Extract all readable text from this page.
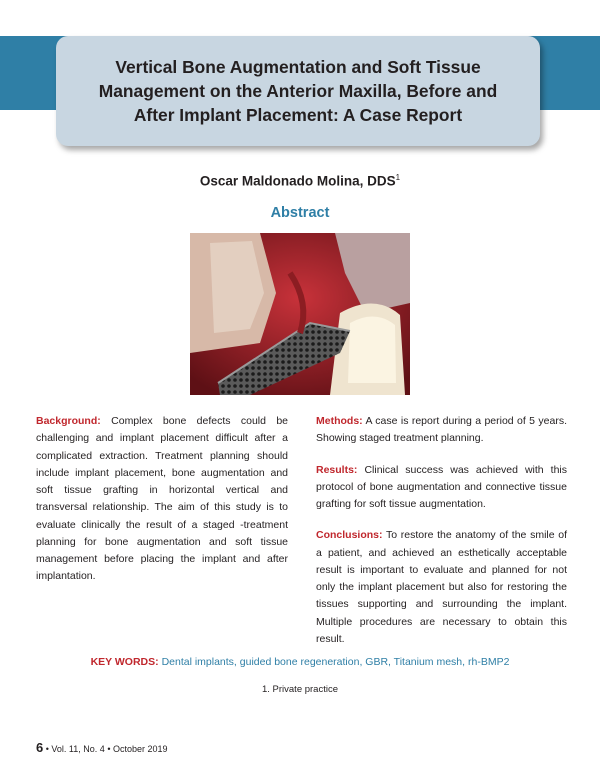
Vertical Bone Augmentation and Soft Tissue Management on the Anterior Maxilla, Before and After Implant Placement: A Case Report
Oscar Maldonado Molina, DDS$^1$
Abstract

Background: Complex bone defects could be challenging and implant placement difficult after a complicated extraction. Treatment planning should include implant placement, bone augmentation and soft tissue grafting in horizontal vertical and transversal relationship. The aim of this study is to evaluate clinically the result of a staged -treatment planning for bone augmentation and soft tissue management before placing the implant and after implantation.

Methods: A case is report during a period of 5 years. Showing staged treatment planning.

Results: Clinical success was achieved with this protocol of bone augmentation and connective tissue grafting for soft tissue augmentation.

Conclusions: To restore the anatomy of the smile of a patient, and achieved an esthetically acceptable result is important to evaluate and planned for not only the implant placement but also for restoring the tissues supporting and surrounding the implant. Multiple procedures are necessary to obtain this result.

KEY WORDS: Dental implants, guided bone regeneration, GBR, Titanium mesh, rh-BMP2
1. Private practice
6 • Vol. 11, No. 4 • October 2019
